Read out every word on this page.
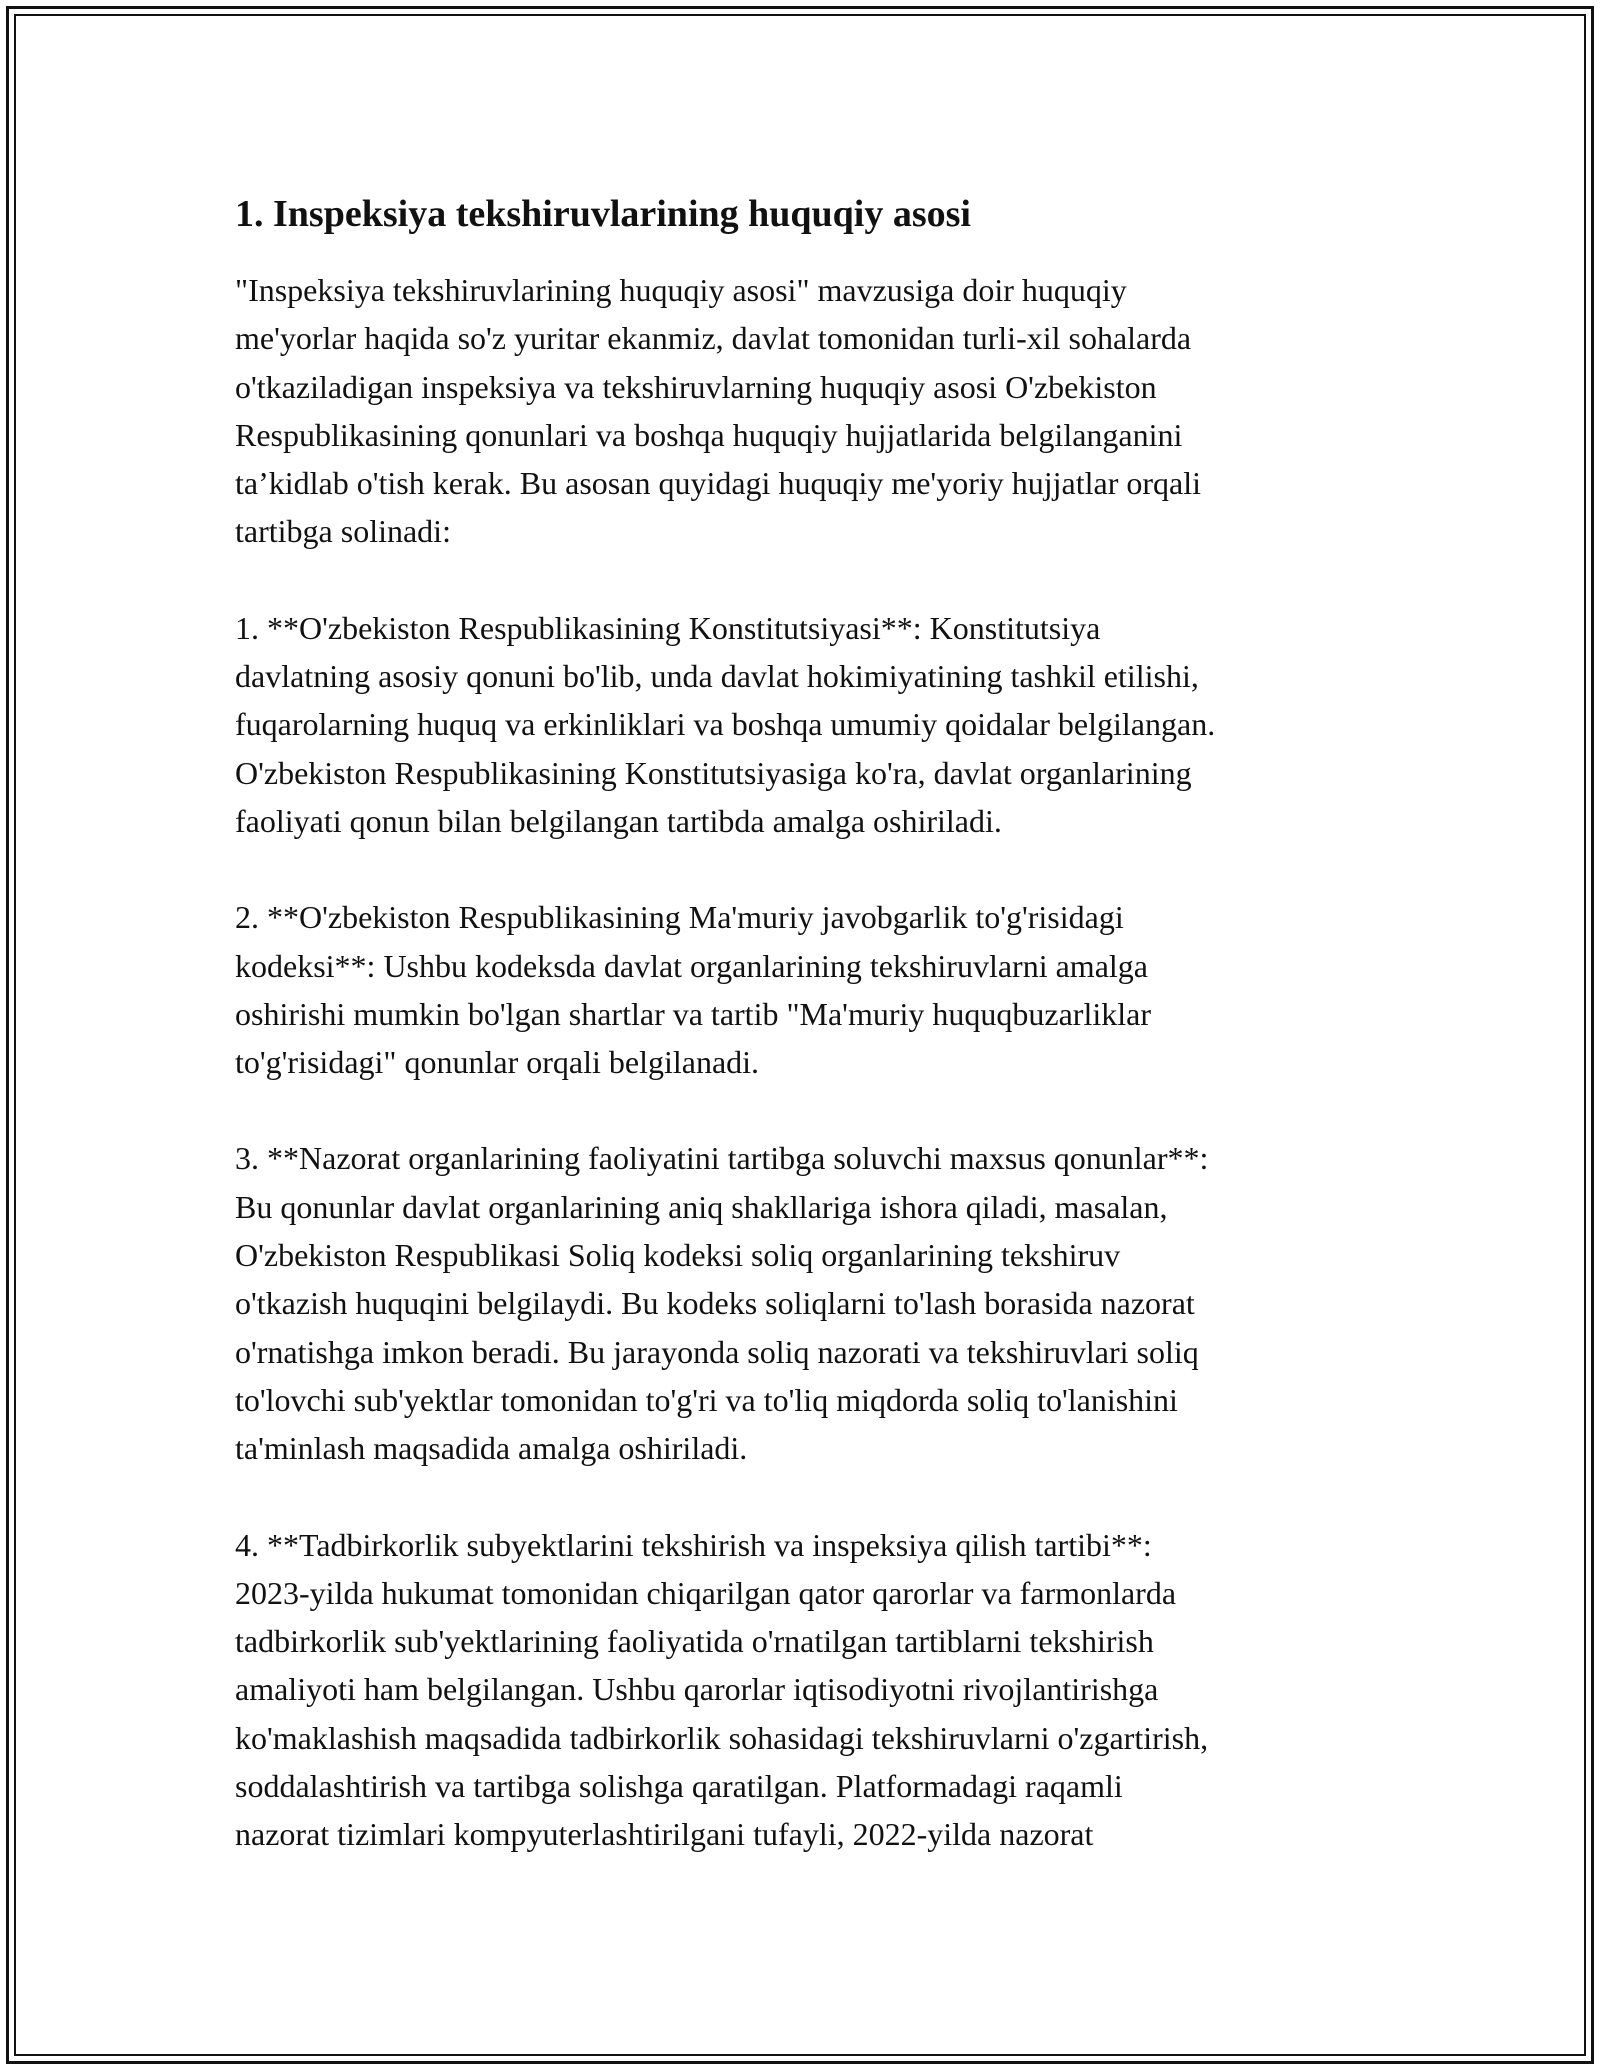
1. Inspeksiya tekshiruvlarining huquqiy asosi

"Inspeksiya tekshiruvlarining huquqiy asosi" mavzusiga doir huquqiy
me'yorlar haqida so'z yuritar ekanmiz, davlat tomonidan turli-xil sohalarda
o'tkaziladigan inspeksiya va tekshiruvlarning huquqiy asosi O'zbekiston
Respublikasining qonunlari va boshqa huquqiy hujjatlarida belgilanganini
ta’kidlab o'tish kerak. Bu asosan quyidagi huquqiy me'yoriy hujjatlar orqali
tartibga solinadi:

1. **O'zbekiston Respublikasining Konstitutsiyasi**: Konstitutsiya
davlatning asosiy qonuni bo'lib, unda davlat hokimiyatining tashkil etilishi,
fuqarolarning huquq va erkinliklari va boshqa umumiy qoidalar belgilangan.
O'zbekiston Respublikasining Konstitutsiyasiga ko'ra, davlat organlarining
faoliyati qonun bilan belgilangan tartibda amalga oshiriladi.

2. **O'zbekiston Respublikasining Ma'muriy javobgarlik to'g'risidagi
kodeksi**: Ushbu kodeksda davlat organlarining tekshiruvlarni amalga
oshirishi mumkin bo'lgan shartlar va tartib "Ma'muriy huquqbuzarliklar
to'g'risidagi" qonunlar orqali belgilanadi.

3. **Nazorat organlarining faoliyatini tartibga soluvchi maxsus qonunlar**:
Bu qonunlar davlat organlarining aniq shakllariga ishora qiladi, masalan,
O'zbekiston Respublikasi Soliq kodeksi soliq organlarining tekshiruv
o'tkazish huquqini belgilaydi. Bu kodeks soliqlarni to'lash borasida nazorat
o'rnatishga imkon beradi. Bu jarayonda soliq nazorati va tekshiruvlari soliq
to'lovchi sub'yektlar tomonidan to'g'ri va to'liq miqdorda soliq to'lanishini
ta'minlash maqsadida amalga oshiriladi.

4. **Tadbirkorlik subyektlarini tekshirish va inspeksiya qilish tartibi**:
2023-yilda hukumat tomonidan chiqarilgan qator qarorlar va farmonlarda
tadbirkorlik sub'yektlarining faoliyatida o'rnatilgan tartiblarni tekshirish
amaliyoti ham belgilangan. Ushbu qarorlar iqtisodiyotni rivojlantirishga
ko'maklashish maqsadida tadbirkorlik sohasidagi tekshiruvlarni o'zgartirish,
soddalashtirish va tartibga solishga qaratilgan. Platformadagi raqamli
nazorat tizimlari kompyuterlashtirilgani tufayli, 2022-yilda nazorat
